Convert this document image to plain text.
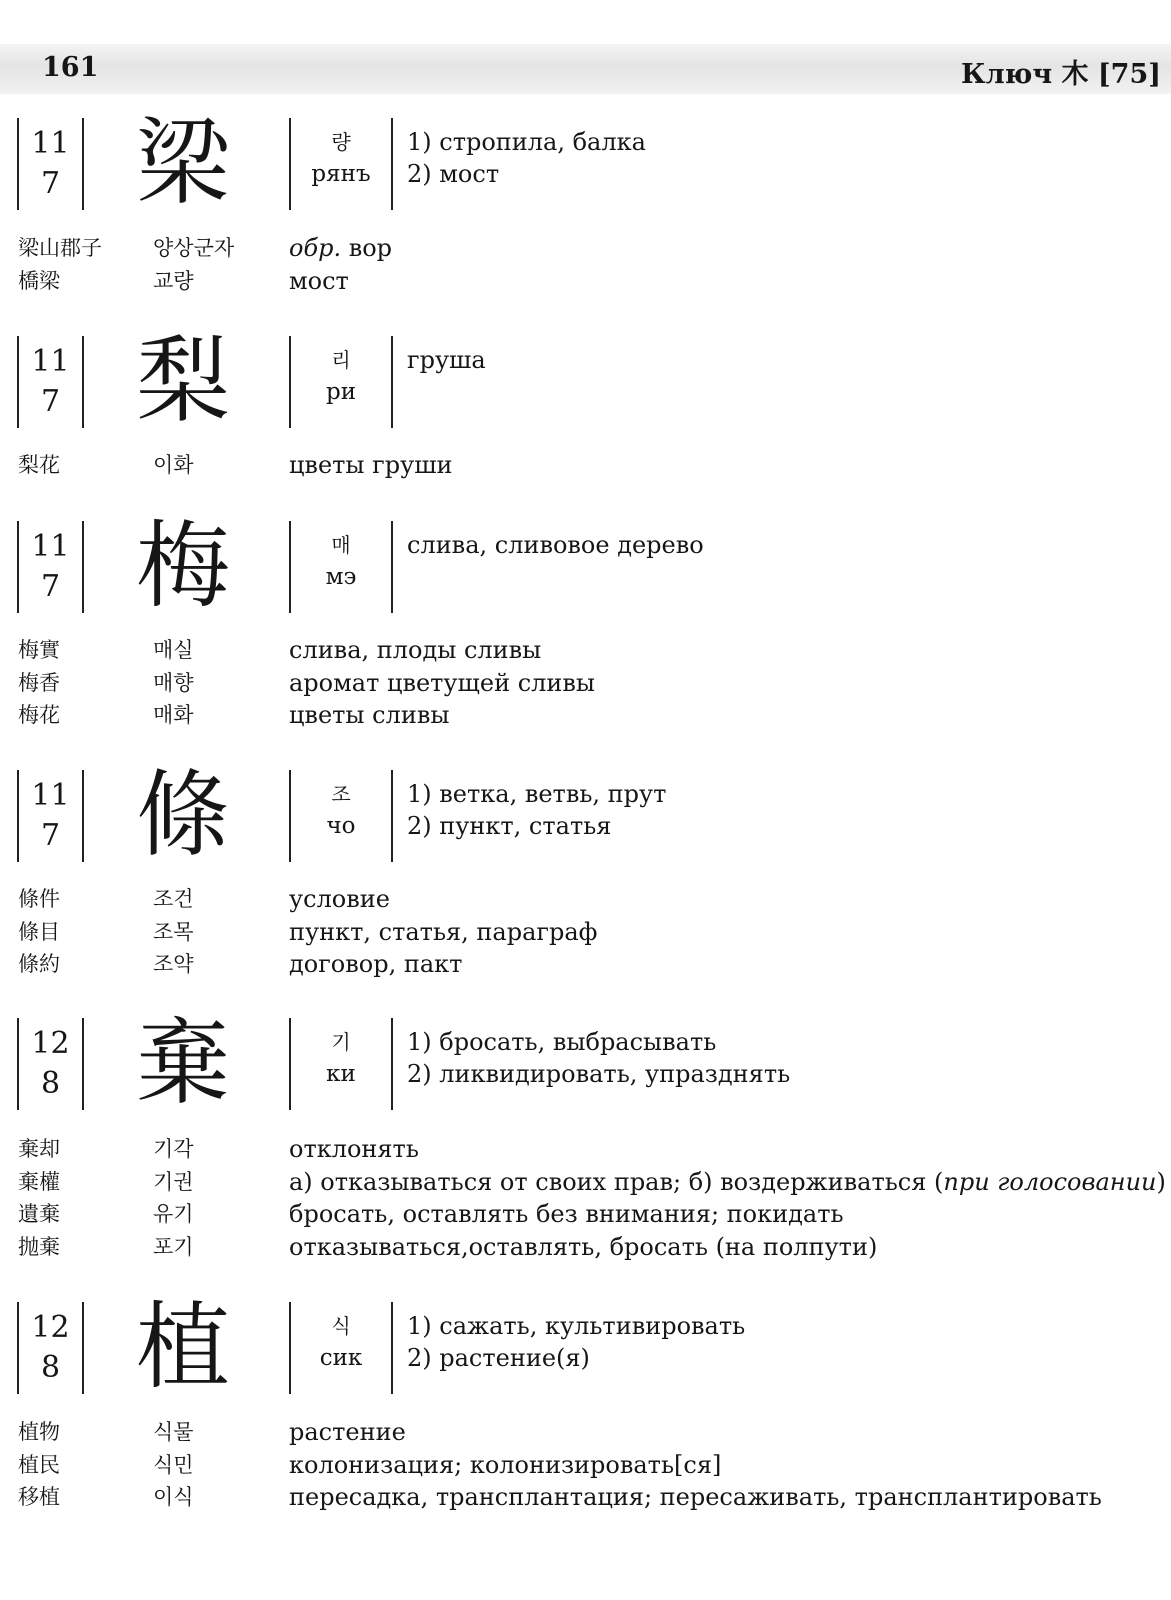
161	Ключ 木 [75]
11
7 梁	량
рянъ
1) стропила, балка
2) мост
梁山郡子 양상군자 обр. вор
橋梁	교량	мост
11
7 梨	리
ри
груша
梨花	이화	цветы груши
11
7 梅	매
мэ
слива, сливовое дерево
梅實	매실	слива, плоды сливы
梅香	매향	аромат цветущей сливы
梅花	매화	цветы сливы
11
7 條	조
чо
1) ветка, ветвь, прут
2) пункт, статья
條件	조건	условие
條目	조목	пункт, статья, параграф
條約	조약	договор, пакт
12
8 棄	기
ки
1) бросать, выбрасывать
2) ликвидировать, упразднять
棄却	기각	отклонять
棄權	기권	а) отказываться от своих прав; б) воздерживаться (при голосовании)
遺棄	유기	бросать, оставлять без внимания; покидать
抛棄	포기	отказываться,оставлять, бросать (на полпути)
12
8 植	식
сик
1) сажать, культивировать
2) растение(я)
植物	식물	растение
植民	식민	колонизация; колонизировать[ся]
移植	이식	пересадка, трансплантация; пересаживать, трансплантировать
